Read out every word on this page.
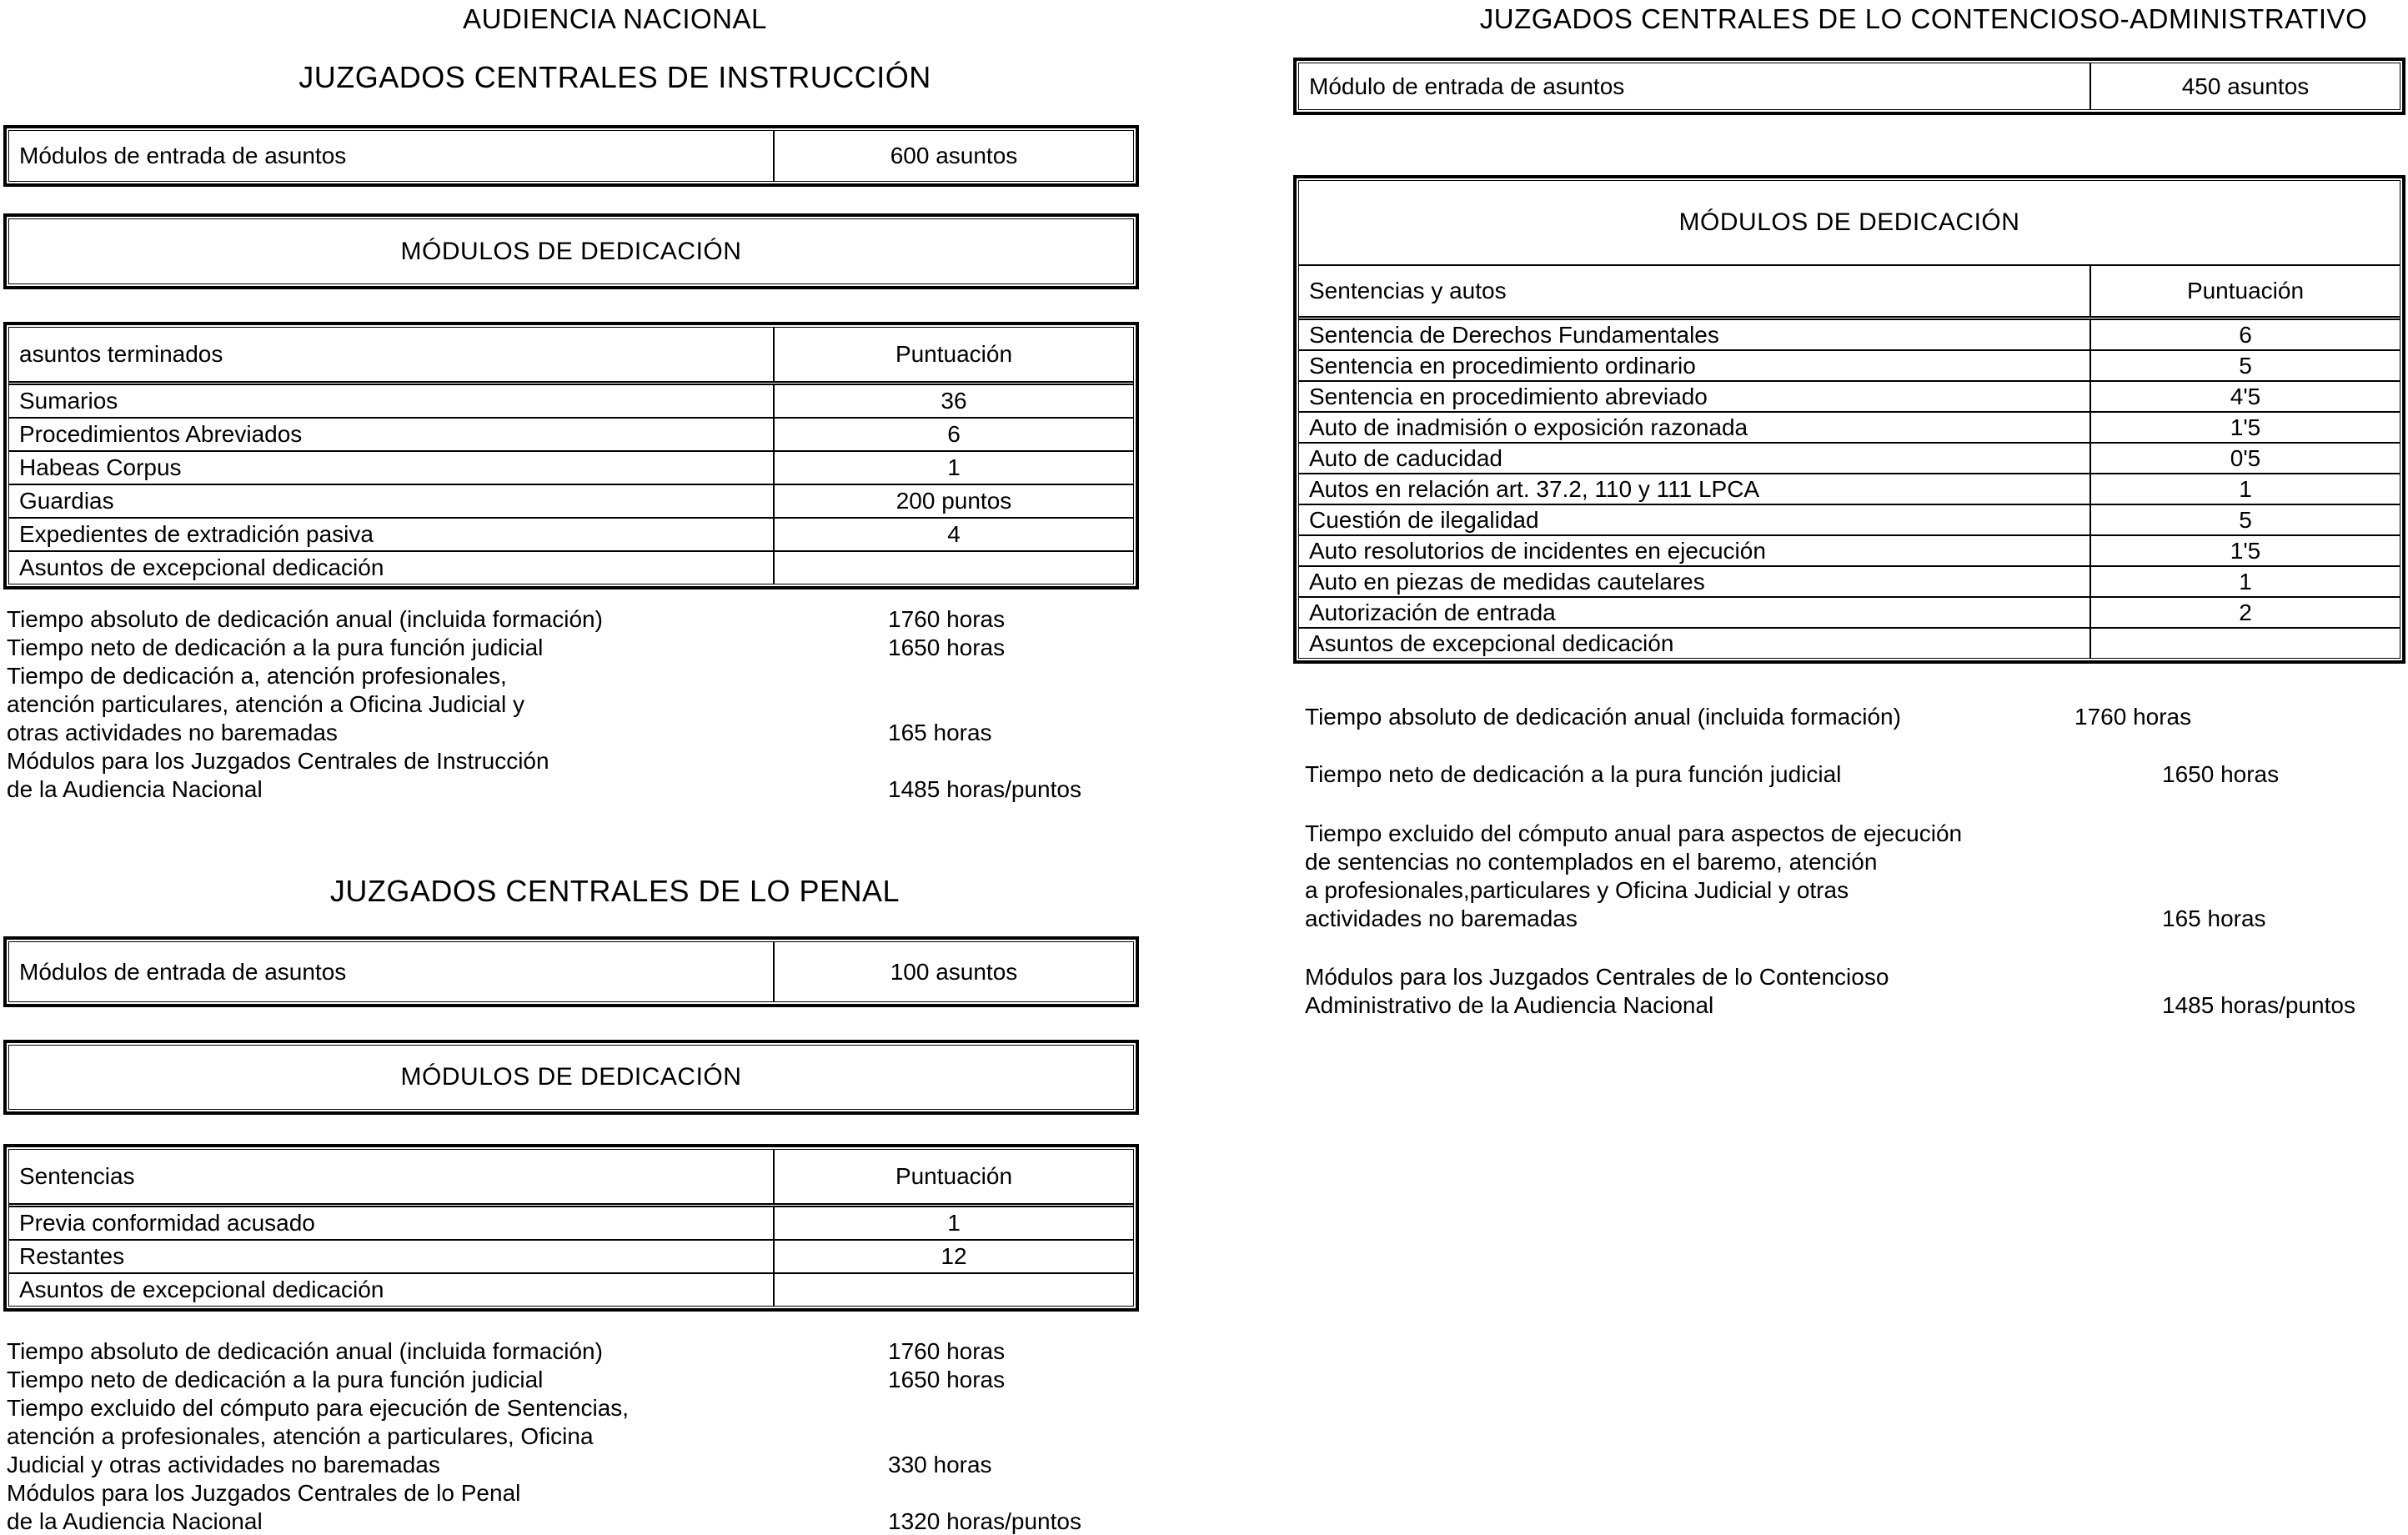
AUDIENCIA NACIONAL
JUZGADOS CENTRALES DE INSTRUCCIÓN
Módulos de entrada de asuntos	600 asuntos
MÓDULOS DE DEDICACIÓN
asuntos terminados	Puntuación
Sumarios	36
Procedimientos Abreviados	6
Habeas Corpus	1
Guardias	200 puntos
Expedientes de extradición pasiva	4
Asuntos de excepcional dedicación
Tiempo absoluto de dedicación anual (incluida formación)	1760 horas
Tiempo neto de dedicación a la pura función judicial	1650 horas
Tiempo de dedicación a, atención profesionales,
atención particulares, atención a Oficina Judicial y
otras actividades no baremadas	165 horas
Módulos para los Juzgados Centrales de Instrucción
de la Audiencia Nacional	1485 horas/puntos
JUZGADOS CENTRALES DE LO PENAL
Módulos de entrada de asuntos	100 asuntos
MÓDULOS DE DEDICACIÓN
Sentencias	Puntuación
Previa conformidad acusado	1
Restantes	12
Asuntos de excepcional dedicación
Tiempo absoluto de dedicación anual (incluida formación)	1760 horas
Tiempo neto de dedicación a la pura función judicial	1650 horas
Tiempo excluido del cómputo para ejecución de Sentencias,
atención a profesionales, atención a particulares, Oficina
Judicial y otras actividades no baremadas	330 horas
Módulos para los Juzgados Centrales de lo Penal
de la Audiencia Nacional	1320 horas/puntos
JUZGADOS CENTRALES DE LO CONTENCIOSO-ADMINISTRATIVO
Módulo de entrada de asuntos	450 asuntos
MÓDULOS DE DEDICACIÓN
Sentencias y autos	Puntuación
Sentencia de Derechos Fundamentales	6
Sentencia en procedimiento ordinario	5
Sentencia en procedimiento abreviado	4'5
Auto de inadmisión o exposición razonada	1'5
Auto de caducidad	0'5
Autos en relación art. 37.2, 110 y 111 LPCA	1
Cuestión de ilegalidad	5
Auto resolutorios de incidentes en ejecución	1'5
Auto en piezas de medidas cautelares	1
Autorización de entrada	2
Asuntos de excepcional dedicación
Tiempo absoluto de dedicación anual (incluida formación)	1760 horas
Tiempo neto de dedicación a la pura función judicial	1650 horas
Tiempo excluido del cómputo anual para aspectos de ejecución
de sentencias no contemplados en el baremo, atención
a profesionales,particulares y Oficina Judicial y otras
actividades no baremadas	165 horas
Módulos para los Juzgados Centrales de lo Contencioso
Administrativo de la Audiencia Nacional	1485 horas/puntos
